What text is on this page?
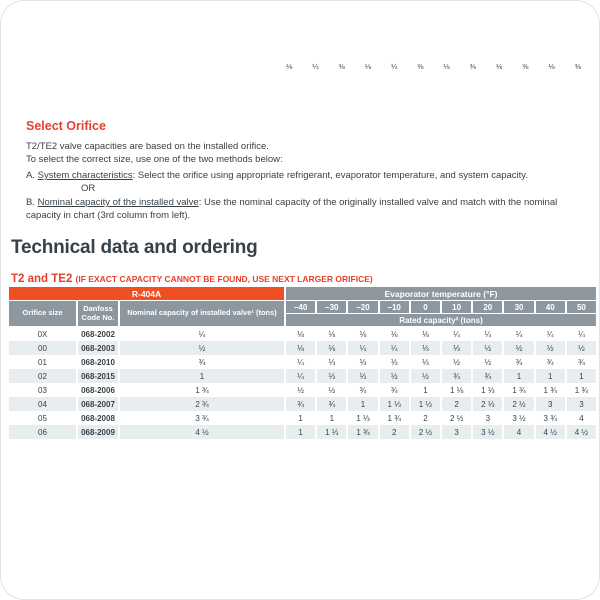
⅛	¼	⅜	⅛	¼	⅜	⅛	⅜	⅛	⅜	⅛	⅜
Select Orifice
T2/TE2 valve capacities are based on the installed orifice.
To select the correct size, use one of the two methods below:
A. System characteristics: Select the orifice using appropriate refrigerant, evaporator temperature, and system capacity.
OR
B. Nominal capacity of the installed valve: Use the nominal capacity of the originally installed valve and match with the nominal capacity in chart (3rd column from left).
Technical data and ordering
T2 and TE2 (IF EXACT CAPACITY CANNOT BE FOUND, USE NEXT LARGER ORIFICE)
R-404A	Evaporator temperature (°F)
Orifice size	Danfoss Code No.	Nominal capacity of installed valve¹ (tons)
–40	–30	–20	–10	0	10	20	30	40	50
Rated capacity² (tons)
0X	068-2002	¼	⅛	⅛	⅛	⅛	⅛	¼	¼	¼	¼	¼
00	068-2003	½	⅛	⅛	¼	¼	⅓	⅓	½	½	½	½
01	068-2010	¾	¼	⅓	⅓	⅓	⅓	½	½	¾	¾	¾
02	068-2015	1	¼	⅓	⅓	½	½	¾	¾	1	1	1
03	068-2006	1 ¾	½	½	¾	¾	1	1 ⅛	1 ⅓	1 ¾	1 ¾	1 ¾
04	068-2007	2 ¾	¾	¾	1	1 ⅓	1 ½	2	2 ⅓	2 ½	3	3
05	068-2008	3 ¾	1	1	1 ⅓	1 ¾	2	2 ½	3	3 ½	3 ¾	4
06	068-2009	4 ½	1	1 ⅓	1 ¾	2	2 ½	3	3 ½	4	4 ½	4 ½
